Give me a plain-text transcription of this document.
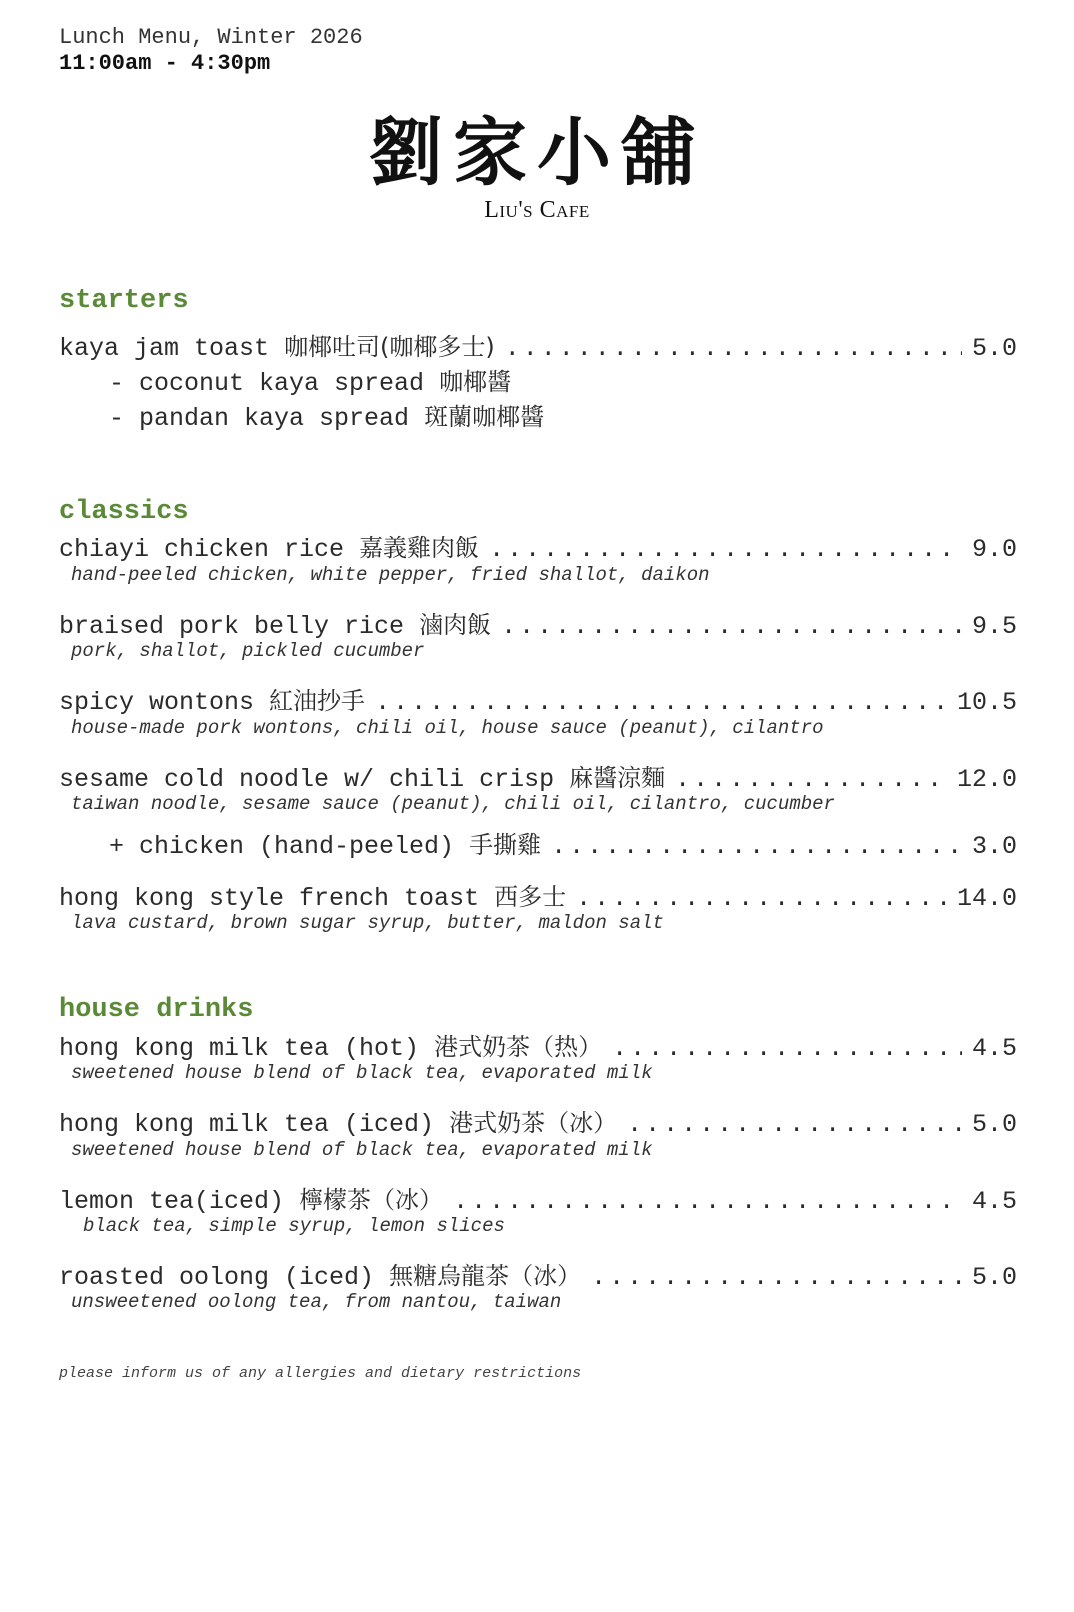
Lunch Menu, Winter 2026
11:00am - 4:30pm
劉家小舖
Liu's Cafe
starters
kaya jam toast 咖椰吐司(咖椰多士) .....	5.0
- coconut kaya spread 咖椰醬
- pandan kaya spread 斑蘭咖椰醬
classics
chiayi chicken rice 嘉義雞肉飯 .....	9.0
hand-peeled chicken, white pepper, fried shallot, daikon
braised pork belly rice 滷肉飯 .....	9.5
pork, shallot, pickled cucumber
spicy wontons 紅油抄手 .....	10.5
house-made pork wontons, chili oil, house sauce (peanut), cilantro
sesame cold noodle w/ chili crisp 麻醬涼麵 .....	12.0
taiwan noodle, sesame sauce (peanut), chili oil, cilantro, cucumber
+ chicken (hand-peeled) 手撕雞 .....	3.0
hong kong style french toast 西多士 .....	14.0
lava custard, brown sugar syrup, butter, maldon salt
house drinks
hong kong milk tea (hot) 港式奶茶（热） .....	4.5
sweetened house blend of black tea, evaporated milk
hong kong milk tea (iced) 港式奶茶（冰） .....	5.0
sweetened house blend of black tea, evaporated milk
lemon tea(iced) 檸檬茶（冰） .....	4.5
black tea, simple syrup, lemon slices
roasted oolong (iced) 無糖烏龍茶（冰） .....	5.0
unsweetened oolong tea, from nantou, taiwan
please inform us of any allergies and dietary restrictions
